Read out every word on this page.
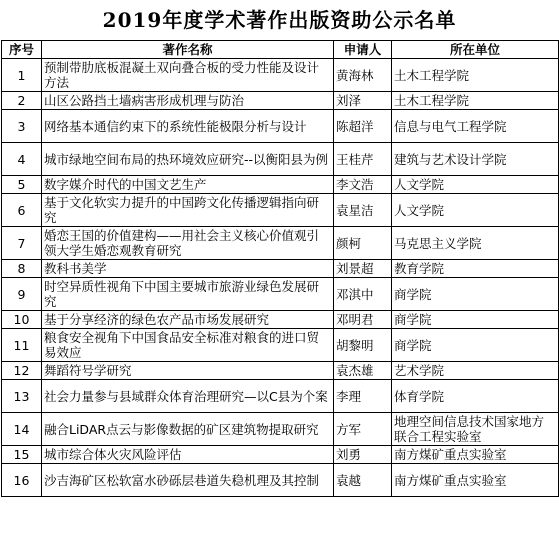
2019年度学术著作出版资助公示名单
序号	著作名称	申请人	所在单位
1	预制带肋底板混凝土双向叠合板的受力性能及设计方法	黄海林	土木工程学院
2	山区公路挡土墙病害形成机理与防治	刘泽	土木工程学院
3	网络基本通信约束下的系统性能极限分析与设计	陈超洋	信息与电气工程学院
4	城市绿地空间布局的热环境效应研究--以衡阳县为例	王桂芹	建筑与艺术设计学院
5	数字媒介时代的中国文艺生产	李文浩	人文学院
6	基于文化软实力提升的中国跨文化传播逻辑指向研究	袁星洁	人文学院
7	婚恋王国的价值建构——用社会主义核心价值观引领大学生婚恋观教育研究	颜柯	马克思主义学院
8	教科书美学	刘景超	教育学院
9	时空异质性视角下中国主要城市旅游业绿色发展研究	邓淇中	商学院
10	基于分享经济的绿色农产品市场发展研究	邓明君	商学院
11	粮食安全视角下中国食品安全标准对粮食的进口贸易效应	胡黎明	商学院
12	舞蹈符号学研究	袁杰雄	艺术学院
13	社会力量参与县域群众体育治理研究—以C县为个案	李理	体育学院
14	融合LiDAR点云与影像数据的矿区建筑物提取研究	方军	地理空间信息技术国家地方联合工程实验室
15	城市综合体火灾风险评估	刘勇	南方煤矿重点实验室
16	沙吉海矿区松软富水砂砾层巷道失稳机理及其控制	袁越	南方煤矿重点实验室
